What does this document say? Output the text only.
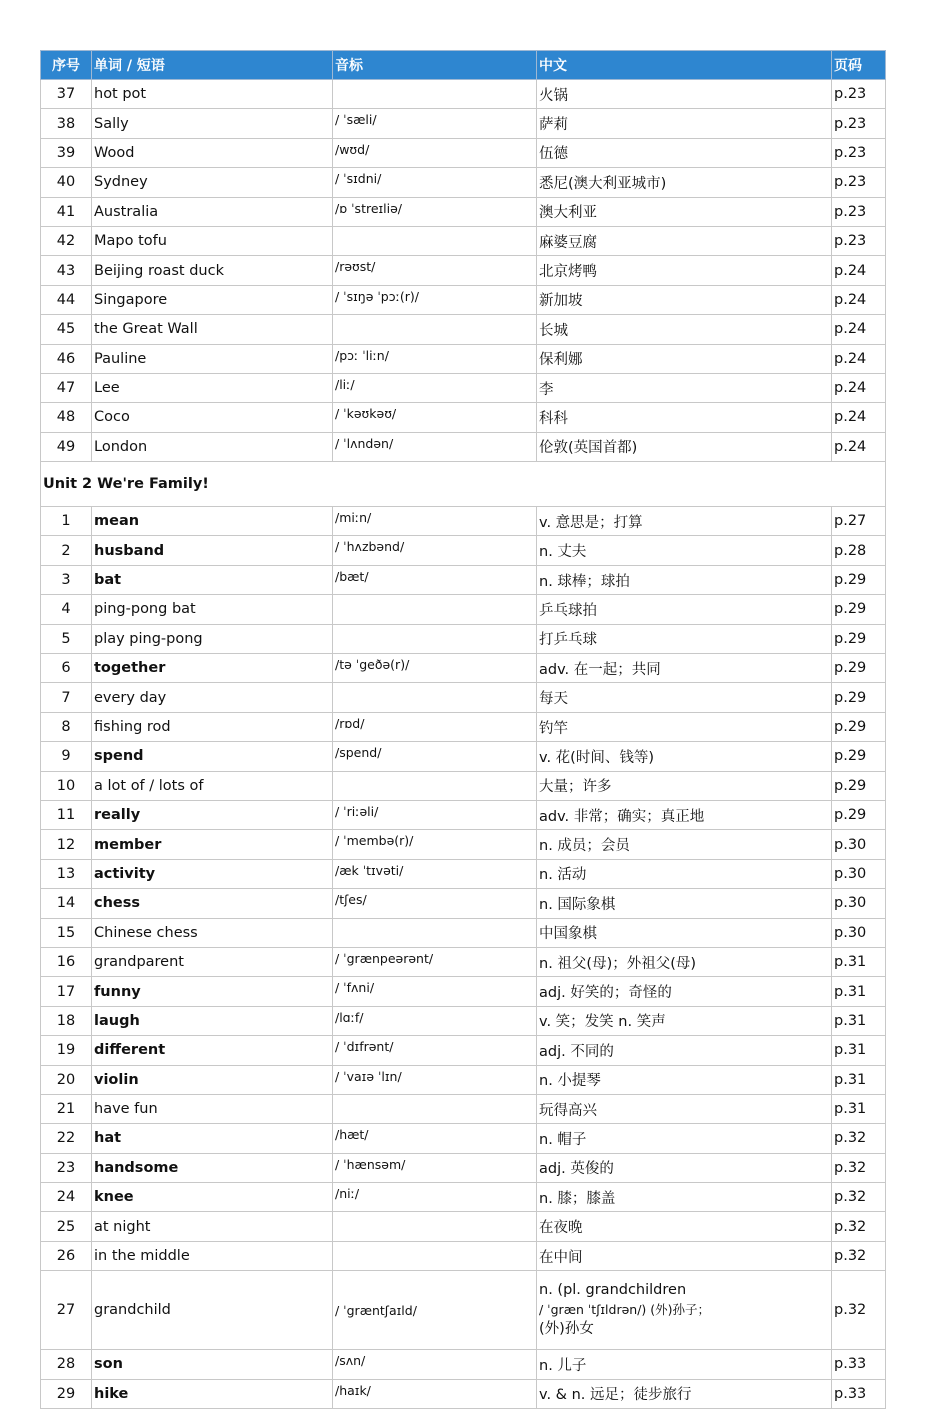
序号	单词 / 短语	音标	中文	页码
37	hot pot		火锅	p.23
38	Sally	/ ˈsæli/	萨莉	p.23
39	Wood	/wʊd/	伍德	p.23
40	Sydney	/ ˈsɪdni/	悉尼(澳大利亚城市)	p.23
41	Australia	/ɒ ˈstreɪliə/	澳大利亚	p.23
42	Mapo tofu		麻婆豆腐	p.23
43	Beijing roast duck	/rəʊst/	北京烤鸭	p.24
44	Singapore	/ ˈsɪŋə ˈpɔː(r)/	新加坡	p.24
45	the Great Wall		长城	p.24
46	Pauline	/pɔː ˈliːn/	保利娜	p.24
47	Lee	/liː/	李	p.24
48	Coco	/ ˈkəʊkəʊ/	科科	p.24
49	London	/ ˈlʌndən/	伦敦(英国首都)	p.24
Unit 2 We're Family!				
1	mean	/miːn/	v. 意思是；打算	p.27
2	husband	/ ˈhʌzbənd/	n. 丈夫	p.28
3	bat	/bæt/	n. 球棒；球拍	p.29
4	ping-pong bat		乒乓球拍	p.29
5	play ping-pong		打乒乓球	p.29
6	together	/tə ˈgeðə(r)/	adv. 在一起；共同	p.29
7	every day		每天	p.29
8	fishing rod	/rɒd/	钓竿	p.29
9	spend	/spend/	v. 花(时间、钱等)	p.29
10	a lot of / lots of		大量；许多	p.29
11	really	/ ˈriːəli/	adv. 非常；确实；真正地	p.29
12	member	/ ˈmembə(r)/	n. 成员；会员	p.30
13	activity	/æk ˈtɪvəti/	n. 活动	p.30
14	chess	/tʃes/	n. 国际象棋	p.30
15	Chinese chess		中国象棋	p.30
16	grandparent	/ ˈgrænpeərənt/	n. 祖父(母)；外祖父(母)	p.31
17	funny	/ ˈfʌni/	adj. 好笑的；奇怪的	p.31
18	laugh	/lɑːf/	v. 笑；发笑 n. 笑声	p.31
19	different	/ ˈdɪfrənt/	adj. 不同的	p.31
20	violin	/ ˈvaɪə ˈlɪn/	n. 小提琴	p.31
21	have fun		玩得高兴	p.31
22	hat	/hæt/	n. 帽子	p.32
23	handsome	/ ˈhænsəm/	adj. 英俊的	p.32
24	knee	/niː/	n. 膝；膝盖	p.32
25	at night		在夜晚	p.32
26	in the middle		在中间	p.32
27	grandchild	/ ˈgræntʃaɪld/	n. (pl. grandchildren
/ ˈgræn ˈtʃɪldrən/) (外)孙子；
(外)孙女	p.32
28	son	/sʌn/	n. 儿子	p.33
29	hike	/haɪk/	v. & n. 远足；徒步旅行	p.33
